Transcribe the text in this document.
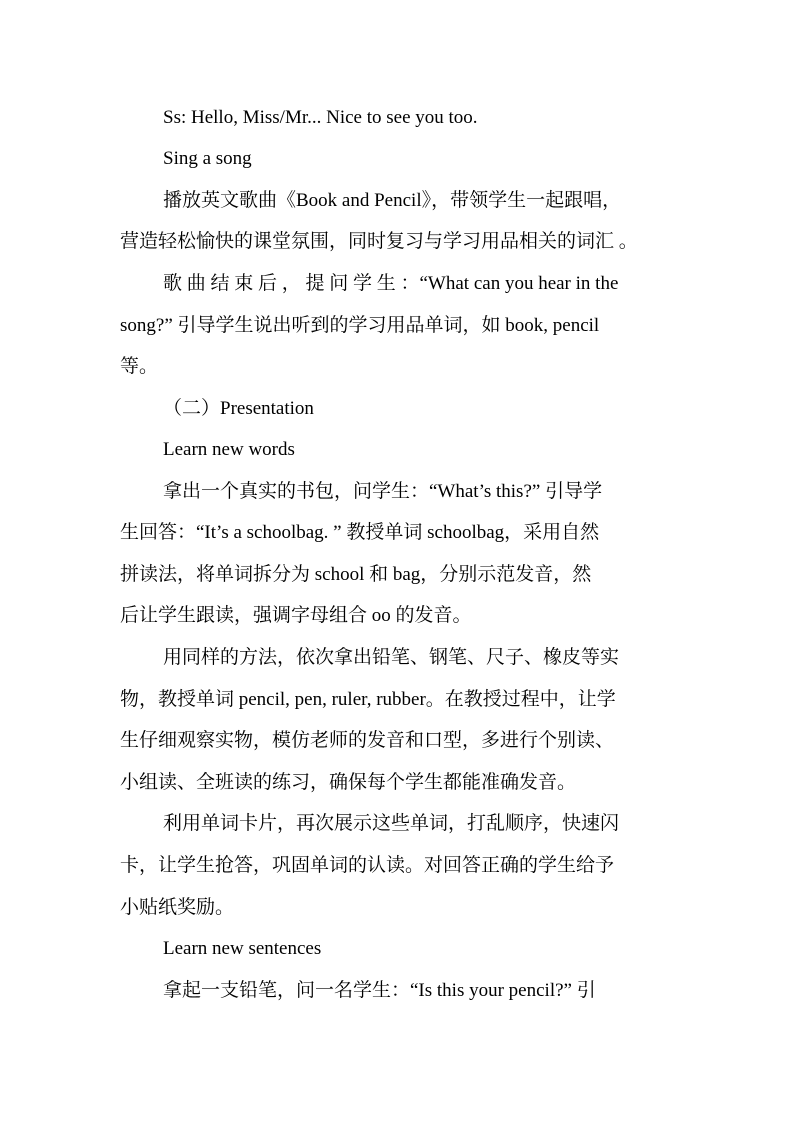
Ss: Hello, Miss/Mr... Nice to see you too.
Sing a song
播放英文歌曲《Book and Pencil》，带领学生一起跟唱，
营造轻松愉快的课堂氛围，同时复习与学习用品相关的词汇 。
歌 曲 结 束 后 ， 提 问 学 生 ：“What can you hear in the
song?” 引导学生说出听到的学习用品单词，如 book, pencil
等。
（二）Presentation
Learn new words
拿出一个真实的书包，问学生：“What’s this?” 引导学
生回答：“It’s a schoolbag. ” 教授单词 schoolbag，采用自然
拼读法，将单词拆分为 school 和 bag，分别示范发音，然
后让学生跟读，强调字母组合 oo 的发音。
用同样的方法，依次拿出铅笔、钢笔、尺子、橡皮等实
物，教授单词 pencil, pen, ruler, rubber。在教授过程中，让学
生仔细观察实物，模仿老师的发音和口型，多进行个别读、
小组读、全班读的练习，确保每个学生都能准确发音。
利用单词卡片，再次展示这些单词，打乱顺序，快速闪
卡，让学生抢答，巩固单词的认读。对回答正确的学生给予
小贴纸奖励。
Learn new sentences
拿起一支铅笔，问一名学生：“Is this your pencil?” 引
